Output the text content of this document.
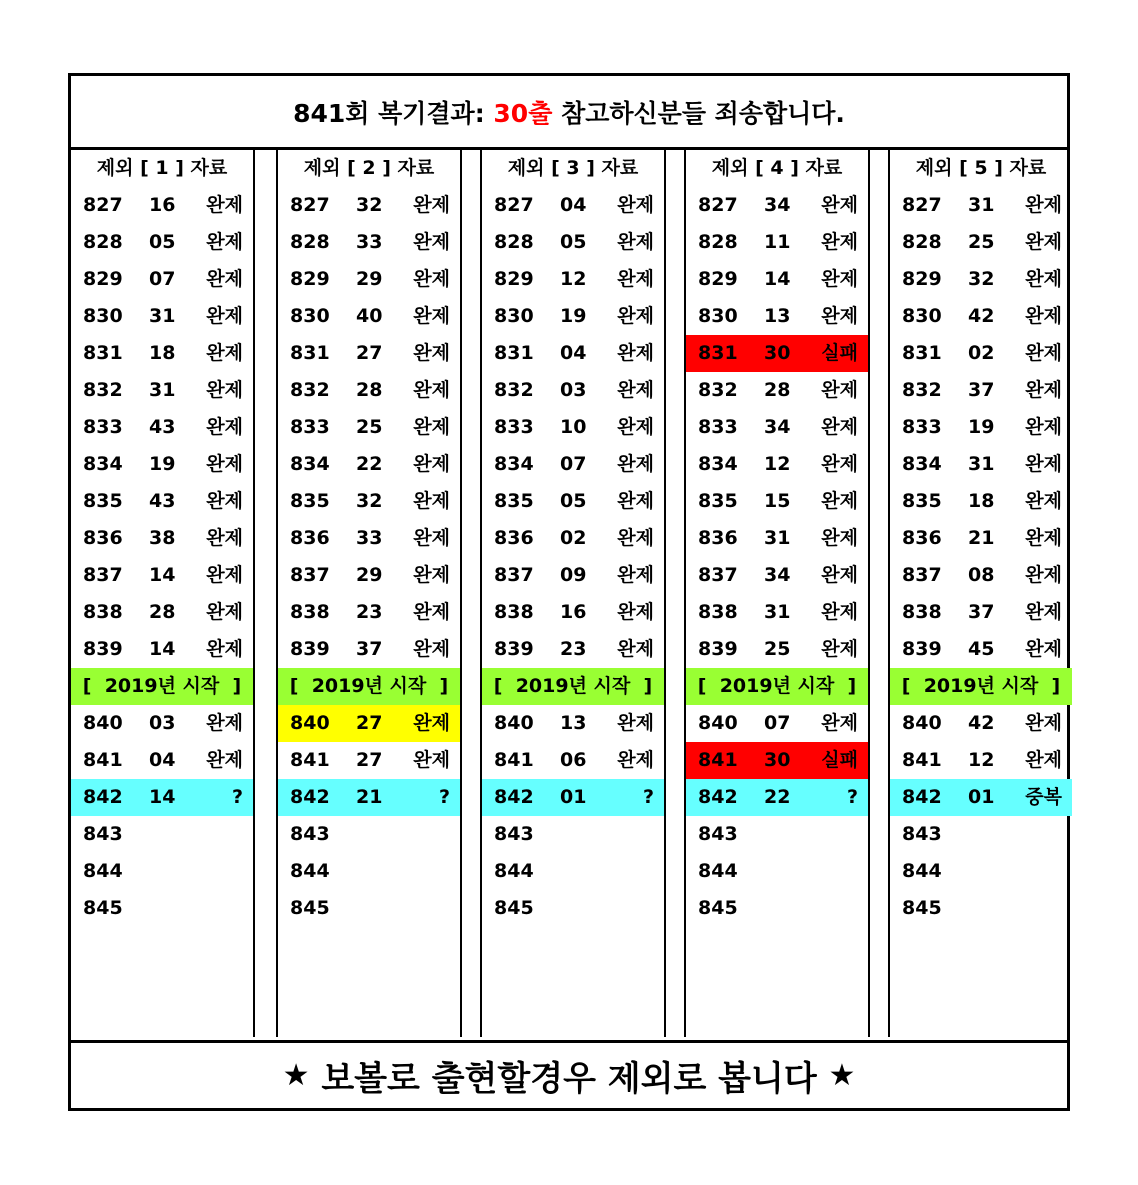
841회 복기결과: 30출 참고하신분들 죄송합니다.
제외 [ 1 ] 자료
827 16 완제
828 05 완제
829 07 완제
830 31 완제
831 18 완제
832 31 완제
833 43 완제
834 19 완제
835 43 완제
836 38 완제
837 14 완제
838 28 완제
839 14 완제
[  2019년 시작  ]
840 03 완제
841 04 완제
842 14	?
843
844
845
제외 [ 2 ] 자료
827 32 완제
828 33 완제
829 29 완제
830 40 완제
831 27 완제
832 28 완제
833 25 완제
834 22 완제
835 32 완제
836 33 완제
837 29 완제
838 23 완제
839 37 완제
[  2019년 시작  ]
840 27 완제
841 27 완제
842 21	?
843
844
845
제외 [ 3 ] 자료
827 04 완제
828 05 완제
829 12 완제
830 19 완제
831 04 완제
832 03 완제
833 10 완제
834 07 완제
835 05 완제
836 02 완제
837 09 완제
838 16 완제
839 23 완제
[  2019년 시작  ]
840 13 완제
841 06 완제
842 01	?
843
844
845
제외 [ 4 ] 자료
827 34 완제
828 11 완제
829 14 완제
830 13 완제
831 30 실패
832 28 완제
833 34 완제
834 12 완제
835 15 완제
836 31 완제
837 34 완제
838 31 완제
839 25 완제
[  2019년 시작  ]
840 07 완제
841 30 실패
842 22	?
843
844
845
제외 [ 5 ] 자료
827 31 완제
828 25 완제
829 32 완제
830 42 완제
831 02 완제
832 37 완제
833 19 완제
834 31 완제
835 18 완제
836 21 완제
837 08 완제
838 37 완제
839 45 완제
[  2019년 시작  ]
840 42 완제
841 12 완제
842 01 중복
843
844
845
★ 보볼로 출현할경우 제외로 봅니다 ★
